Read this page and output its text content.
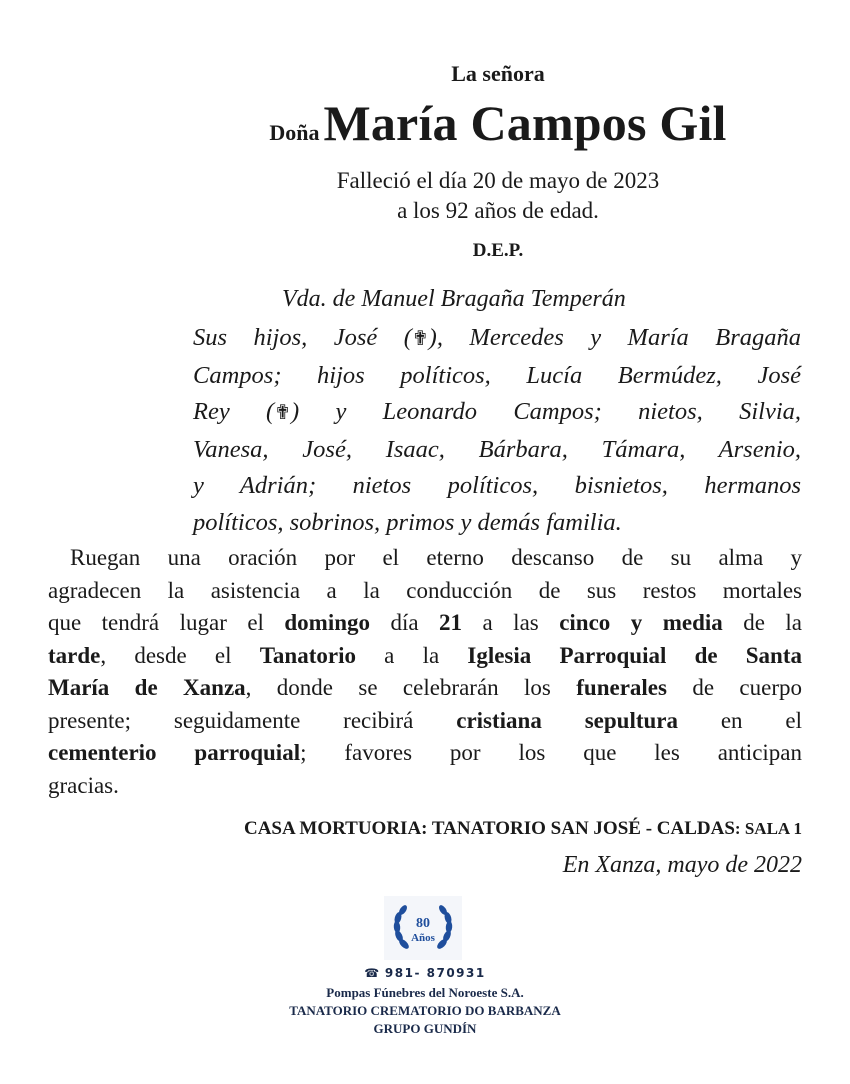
La señora
Doña María Campos Gil
Falleció el día 20 de mayo de 2023
a los 92 años de edad.
D.E.P.
Vda. de Manuel Bragaña Temperán
Sus hijos, José (✟), Mercedes y María Bragaña
Campos; hijos políticos, Lucía Bermúdez, José
Rey (✟) y Leonardo Campos; nietos, Silvia,
Vanesa, José, Isaac, Bárbara, Támara, Arsenio,
y Adrián; nietos políticos, bisnietos, hermanos
políticos, sobrinos, primos y demás familia.
Ruegan una oración por el eterno descanso de su alma y
agradecen la asistencia a la conducción de sus restos mortales
que tendrá lugar el domingo día 21 a las cinco y media de la
tarde, desde el Tanatorio a la Iglesia Parroquial de Santa
María de Xanza, donde se celebrarán los funerales de cuerpo
presente; seguidamente recibirá cristiana sepultura en el
cementerio parroquial; favores por los que les anticipan
gracias.
CASA MORTUORIA: TANATORIO SAN JOSÉ - CALDAS: SALA 1
En Xanza, mayo de 2022
80
Años
☎ 981- 870931
Pompas Fúnebres del Noroeste S.A.
TANATORIO CREMATORIO DO BARBANZA
GRUPO GUNDÍN
